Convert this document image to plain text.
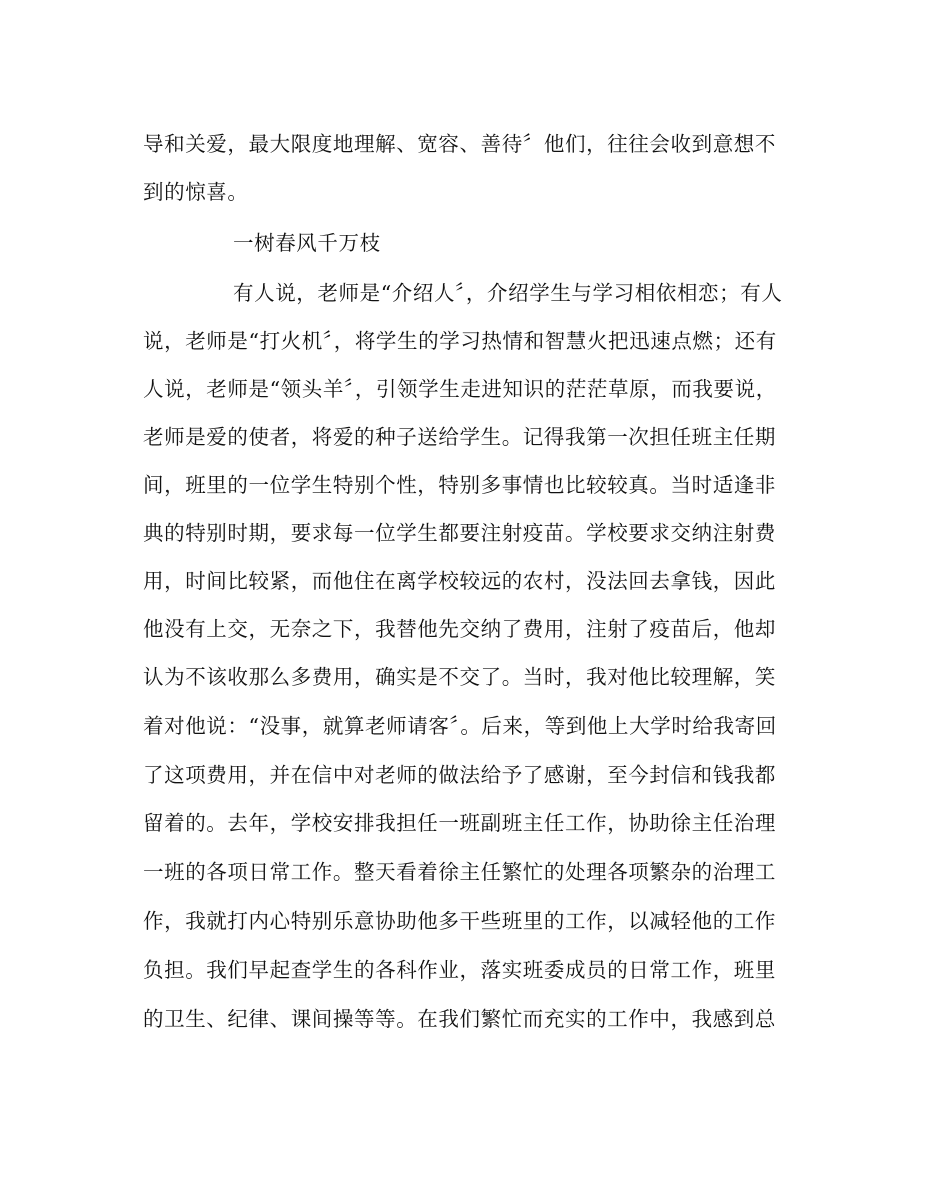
导和关爱，最大限度地理解、宽容、善待〞他们，往往会收到意想不
到的惊喜。
一树春风千万枝
有人说，老师是“介绍人〞，介绍学生与学习相依相恋；有人
说，老师是“打火机〞，将学生的学习热情和智慧火把迅速点燃；还有
人说，老师是“领头羊〞，引领学生走进知识的茫茫草原，而我要说，
老师是爱的使者，将爱的种子送给学生。记得我第一次担任班主任期
间，班里的一位学生特别个性，特别多事情也比较较真。当时适逢非
典的特别时期，要求每一位学生都要注射疫苗。学校要求交纳注射费
用，时间比较紧，而他住在离学校较远的农村，没法回去拿钱，因此
他没有上交，无奈之下，我替他先交纳了费用，注射了疫苗后，他却
认为不该收那么多费用，确实是不交了。当时，我对他比较理解，笑
着对他说：“没事，就算老师请客〞。后来，等到他上大学时给我寄回
了这项费用，并在信中对老师的做法给予了感谢，至今封信和钱我都
留着的。去年，学校安排我担任一班副班主任工作，协助徐主任治理
一班的各项日常工作。整天看着徐主任繁忙的处理各项繁杂的治理工
作，我就打内心特别乐意协助他多干些班里的工作，以减轻他的工作
负担。我们早起查学生的各科作业，落实班委成员的日常工作，班里
的卫生、纪律、课间操等等。在我们繁忙而充实的工作中，我感到总
